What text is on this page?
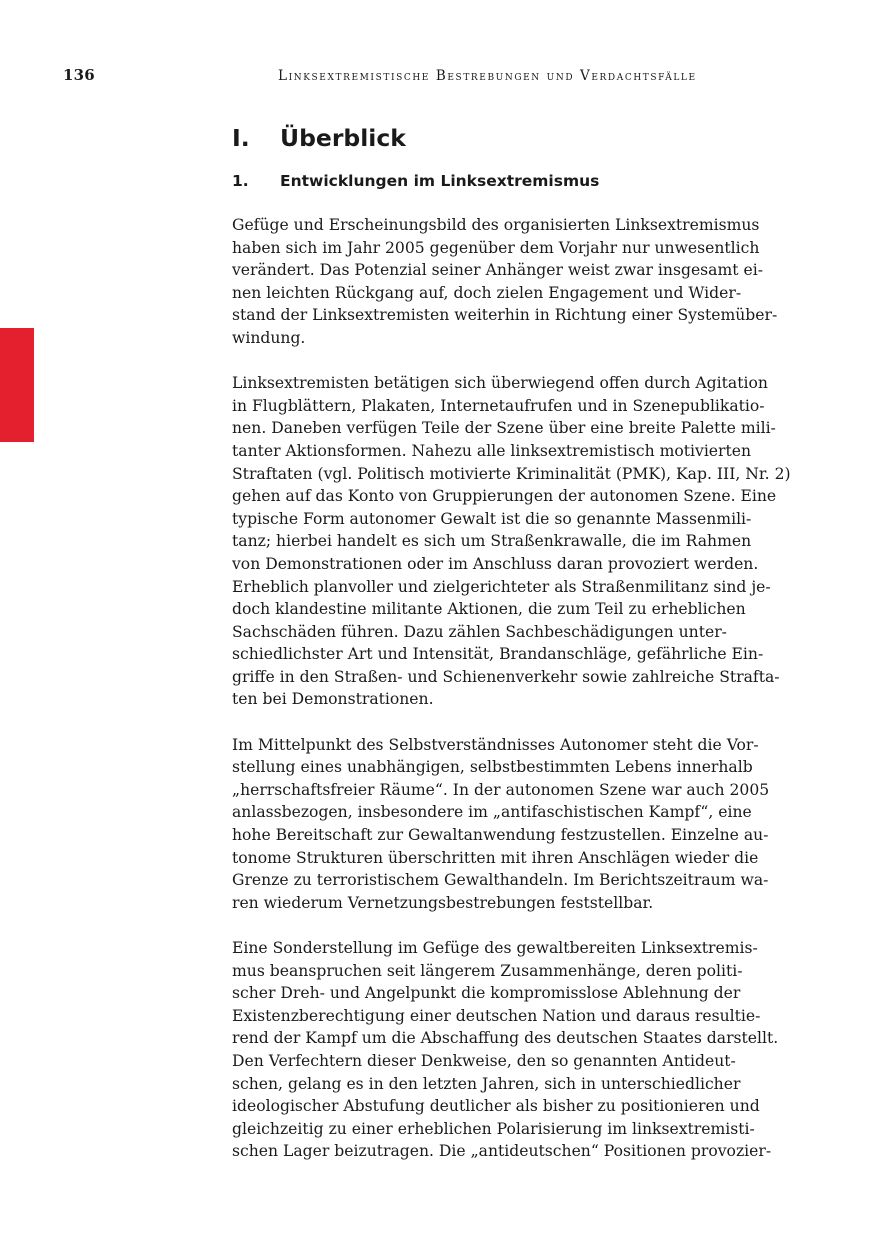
136	Linksextremistische Bestrebungen und Verdachtsfälle
I. Überblick
1. Entwicklungen im Linksextremismus
Gefüge und Erscheinungsbild des organisierten Linksextremismus
haben sich im Jahr 2005 gegenüber dem Vorjahr nur unwesentlich
verändert. Das Potenzial seiner Anhänger weist zwar insgesamt ei-
nen leichten Rückgang auf, doch zielen Engagement und Wider-
stand der Linksextremisten weiterhin in Richtung einer Systemüber-
windung.
Linksextremisten betätigen sich überwiegend offen durch Agitation
in Flugblättern, Plakaten, Internetaufrufen und in Szenepublikatio-
nen. Daneben verfügen Teile der Szene über eine breite Palette mili-
tanter Aktionsformen. Nahezu alle linksextremistisch motivierten
Straftaten (vgl. Politisch motivierte Kriminalität (PMK), Kap. III, Nr. 2)
gehen auf das Konto von Gruppierungen der autonomen Szene. Eine
typische Form autonomer Gewalt ist die so genannte Massenmili-
tanz; hierbei handelt es sich um Straßenkrawalle, die im Rahmen
von Demonstrationen oder im Anschluss daran provoziert werden.
Erheblich planvoller und zielgerichteter als Straßenmilitanz sind je-
doch klandestine militante Aktionen, die zum Teil zu erheblichen
Sachschäden führen. Dazu zählen Sachbeschädigungen unter-
schiedlichster Art und Intensität, Brandanschläge, gefährliche Ein-
griffe in den Straßen- und Schienenverkehr sowie zahlreiche Strafta-
ten bei Demonstrationen.
Im Mittelpunkt des Selbstverständnisses Autonomer steht die Vor-
stellung eines unabhängigen, selbstbestimmten Lebens innerhalb
„herrschaftsfreier Räume“. In der autonomen Szene war auch 2005
anlassbezogen, insbesondere im „antifaschistischen Kampf“, eine
hohe Bereitschaft zur Gewaltanwendung festzustellen. Einzelne au-
tonome Strukturen überschritten mit ihren Anschlägen wieder die
Grenze zu terroristischem Gewalthandeln. Im Berichtszeitraum wa-
ren wiederum Vernetzungsbestrebungen feststellbar.
Eine Sonderstellung im Gefüge des gewaltbereiten Linksextremis-
mus beanspruchen seit längerem Zusammenhänge, deren politi-
scher Dreh- und Angelpunkt die kompromisslose Ablehnung der
Existenzberechtigung einer deutschen Nation und daraus resultie-
rend der Kampf um die Abschaffung des deutschen Staates darstellt.
Den Verfechtern dieser Denkweise, den so genannten Antideut-
schen, gelang es in den letzten Jahren, sich in unterschiedlicher
ideologischer Abstufung deutlicher als bisher zu positionieren und
gleichzeitig zu einer erheblichen Polarisierung im linksextremisti-
schen Lager beizutragen. Die „antideutschen“ Positionen provozier-
